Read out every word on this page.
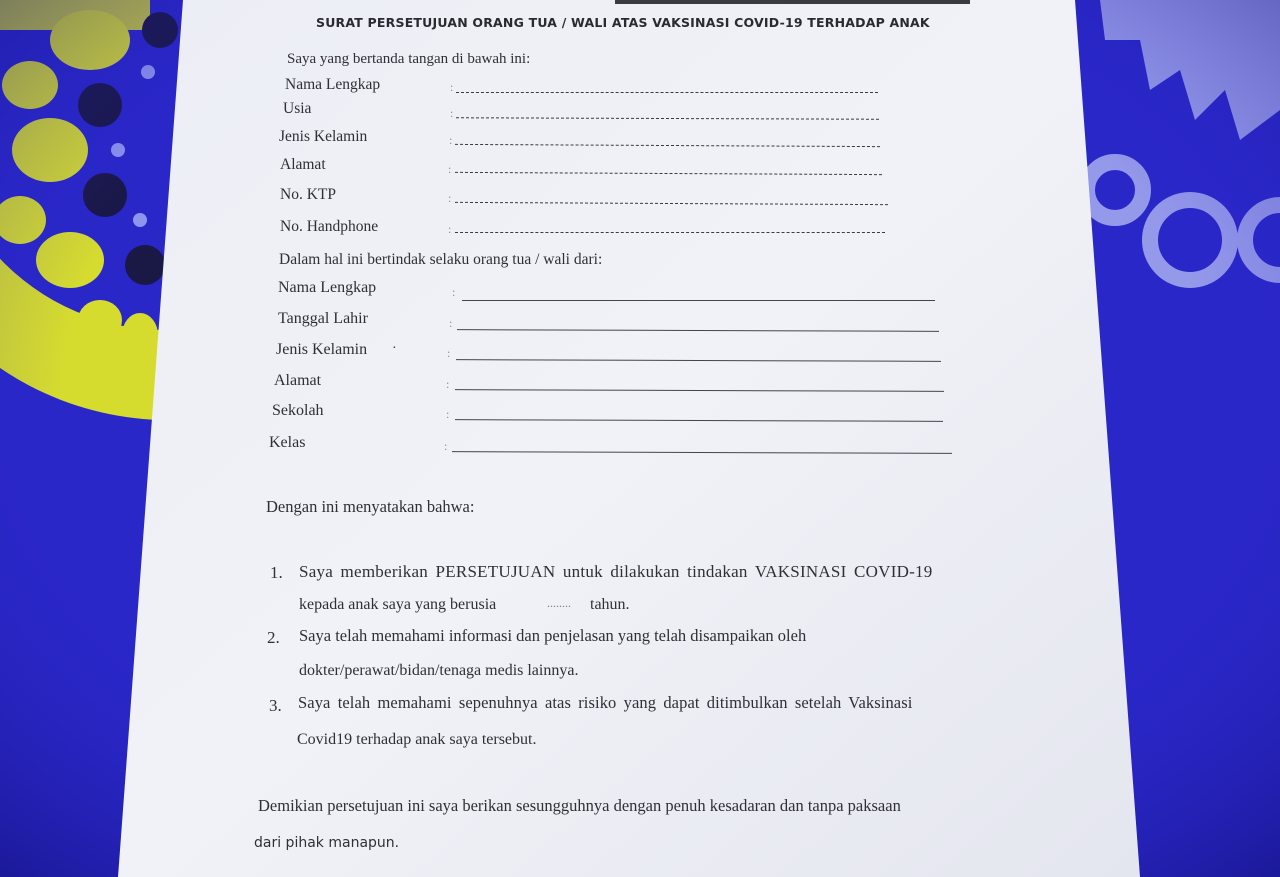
SURAT PERSETUJUAN ORANG TUA / WALI ATAS VAKSINASI COVID-19 TERHADAP ANAK
Saya yang bertanda tangan di bawah ini:
Nama Lengkap	:
Usia	:
Jenis Kelamin	:
Alamat	:
No. KTP	:
No. Handphone	:
Dalam hal ini bertindak selaku orang tua / wali dari:
Nama Lengkap	:
Tanggal Lahir	:
Jenis Kelamin ·	:
Alamat	:
Sekolah	:
Kelas	:
Dengan ini menyatakan bahwa:
1. Saya memberikan PERSETUJUAN untuk dilakukan tindakan VAKSINASI COVID-19
kepada anak saya yang berusia	........ tahun.
2. Saya telah memahami informasi dan penjelasan yang telah disampaikan oleh
dokter/perawat/bidan/tenaga medis lainnya.
3. Saya telah memahami sepenuhnya atas risiko yang dapat ditimbulkan setelah Vaksinasi
Covid19 terhadap anak saya tersebut.
Demikian persetujuan ini saya berikan sesungguhnya dengan penuh kesadaran dan tanpa paksaan
dari pihak manapun.
